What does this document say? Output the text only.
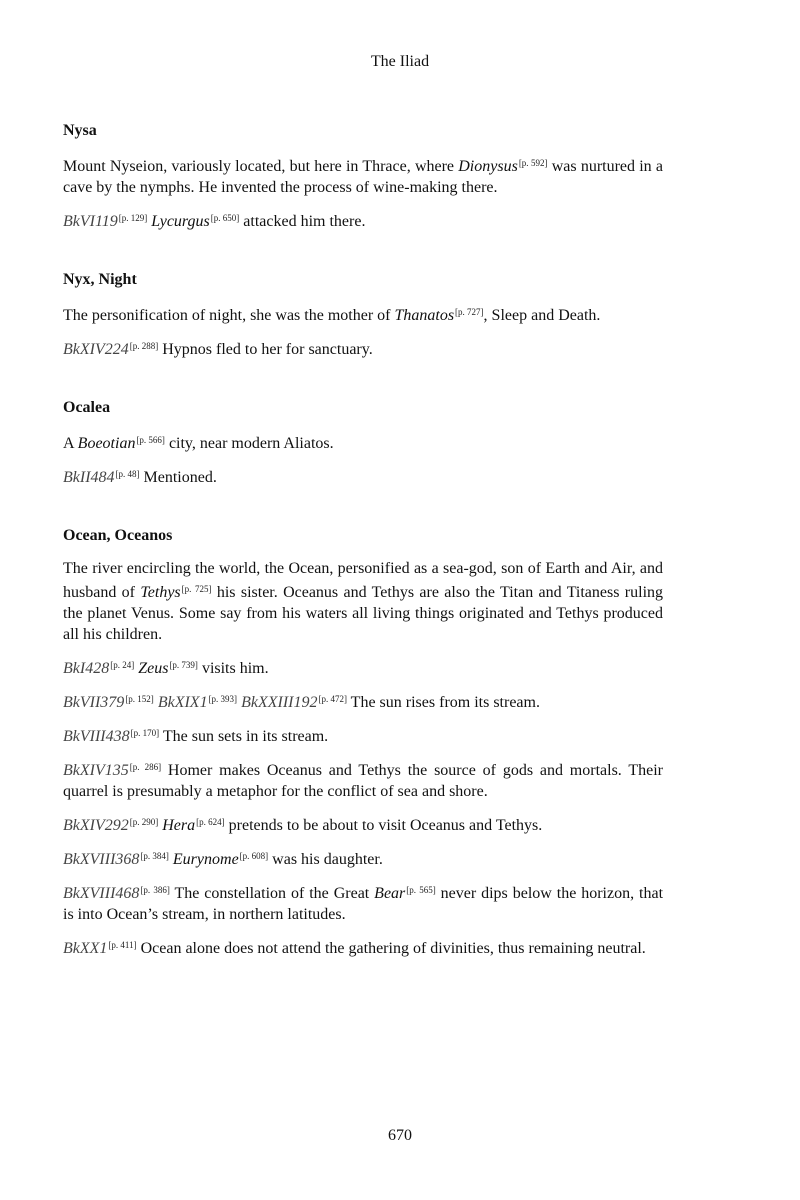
The Iliad
Nysa

Mount Nyseion, variously located, but here in Thrace, where Dionysus[p. 592] was nurtured in a cave by the nymphs. He invented the process of wine-making there.

BkVI119[p. 129] Lycurgus[p. 650] attacked him there.

Nyx, Night

The personification of night, she was the mother of Thanatos[p. 727], Sleep and Death.

BkXIV224[p. 288] Hypnos fled to her for sanctuary.

Ocalea

A Boeotian[p. 566] city, near modern Aliatos.

BkII484[p. 48] Mentioned.

Ocean, Oceanos

The river encircling the world, the Ocean, personified as a sea-god, son of Earth and Air, and husband of Tethys[p. 725] his sister. Oceanus and Tethys are also the Titan and Titaness ruling the planet Venus. Some say from his waters all living things originated and Tethys produced all his children.

BkI428[p. 24] Zeus[p. 739] visits him.

BkVII379[p. 152] BkXIX1[p. 393] BkXXIII192[p. 472] The sun rises from its stream.

BkVIII438[p. 170] The sun sets in its stream.

BkXIV135[p. 286] Homer makes Oceanus and Tethys the source of gods and mortals. Their quarrel is presumably a metaphor for the conflict of sea and shore.

BkXIV292[p. 290] Hera[p. 624] pretends to be about to visit Oceanus and Tethys.

BkXVIII368[p. 384] Eurynome[p. 608] was his daughter.

BkXVIII468[p. 386] The constellation of the Great Bear[p. 565] never dips below the horizon, that is into Ocean’s stream, in northern latitudes.

BkXX1[p. 411] Ocean alone does not attend the gathering of divinities, thus remaining neutral.

670
